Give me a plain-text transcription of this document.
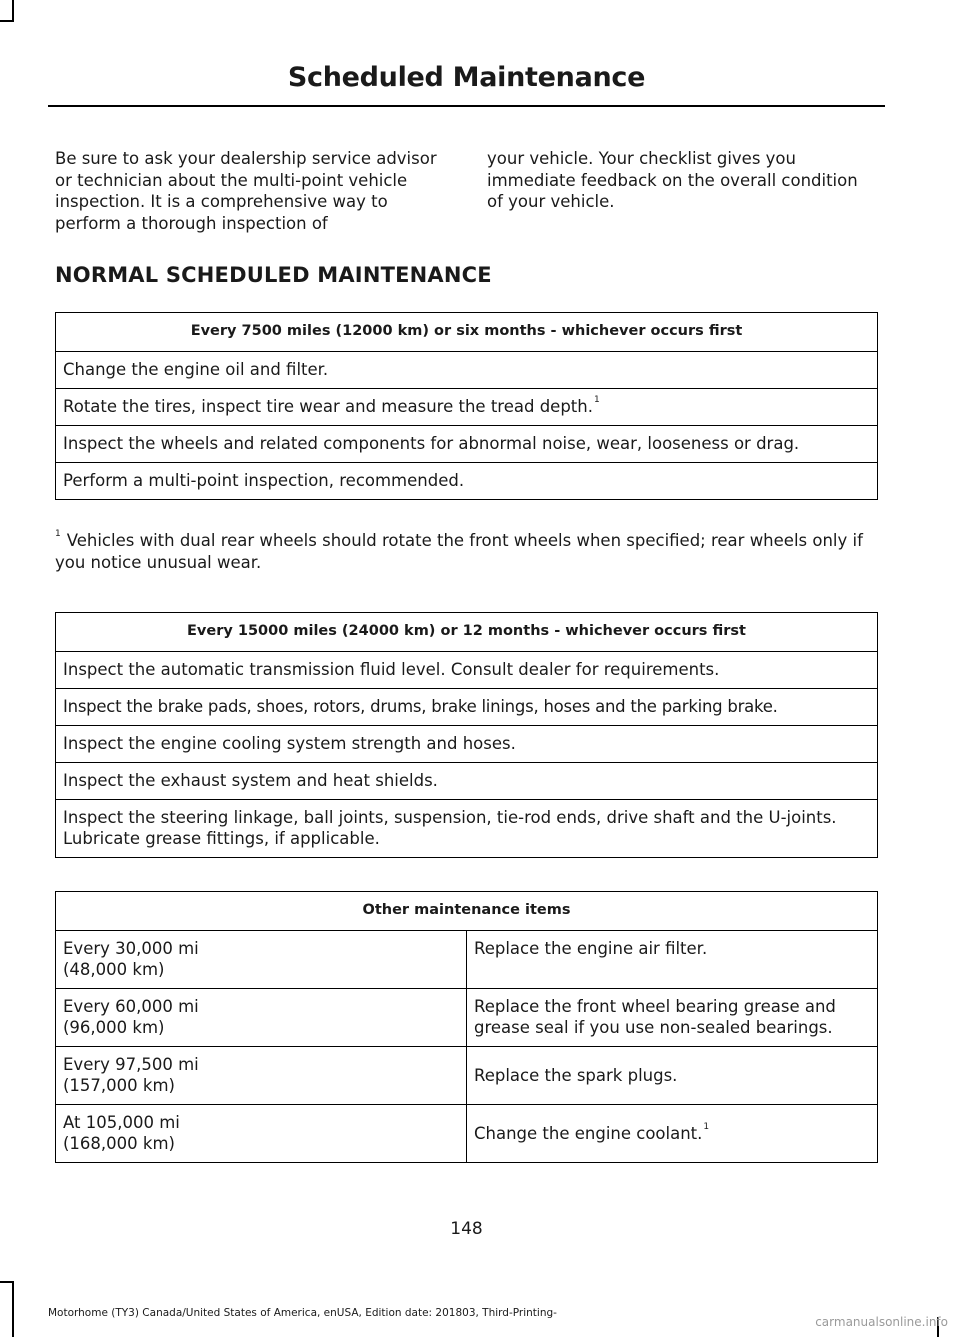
Scheduled Maintenance

Be sure to ask your dealership service advisor or technician about the multi-point vehicle inspection. It is a comprehensive way to perform a thorough inspection of

your vehicle. Your checklist gives you immediate feedback on the overall condition of your vehicle.

NORMAL SCHEDULED MAINTENANCE
Every 7500 miles (12000 km) or six months - whichever occurs first
Change the engine oil and filter.
Rotate the tires, inspect tire wear and measure the tread depth.$^1$
Inspect the wheels and related components for abnormal noise, wear, looseness or drag.
Perform a multi-point inspection, recommended.
$^1$ Vehicles with dual rear wheels should rotate the front wheels when specified; rear wheels only if you notice unusual wear.
Every 15000 miles (24000 km) or 12 months - whichever occurs first
Inspect the automatic transmission fluid level. Consult dealer for requirements.
Inspect the brake pads, shoes, rotors, drums, brake linings, hoses and the parking brake.
Inspect the engine cooling system strength and hoses.
Inspect the exhaust system and heat shields.
Inspect the steering linkage, ball joints, suspension, tie-rod ends, drive shaft and the U-joints. Lubricate grease fittings, if applicable.
Other maintenance items	
Every 30,000 mi
(48,000 km)	Replace the engine air filter.
Every 60,000 mi
(96,000 km)	Replace the front wheel bearing grease and grease seal if you use non-sealed bearings.
Every 97,500 mi
(157,000 km)	Replace the spark plugs.
At 105,000 mi
(168,000 km)	Change the engine coolant.$^1$
148
Motorhome (TY3) Canada/United States of America, enUSA, Edition date: 201803, Third-Printing-
carmanualsonline.info
